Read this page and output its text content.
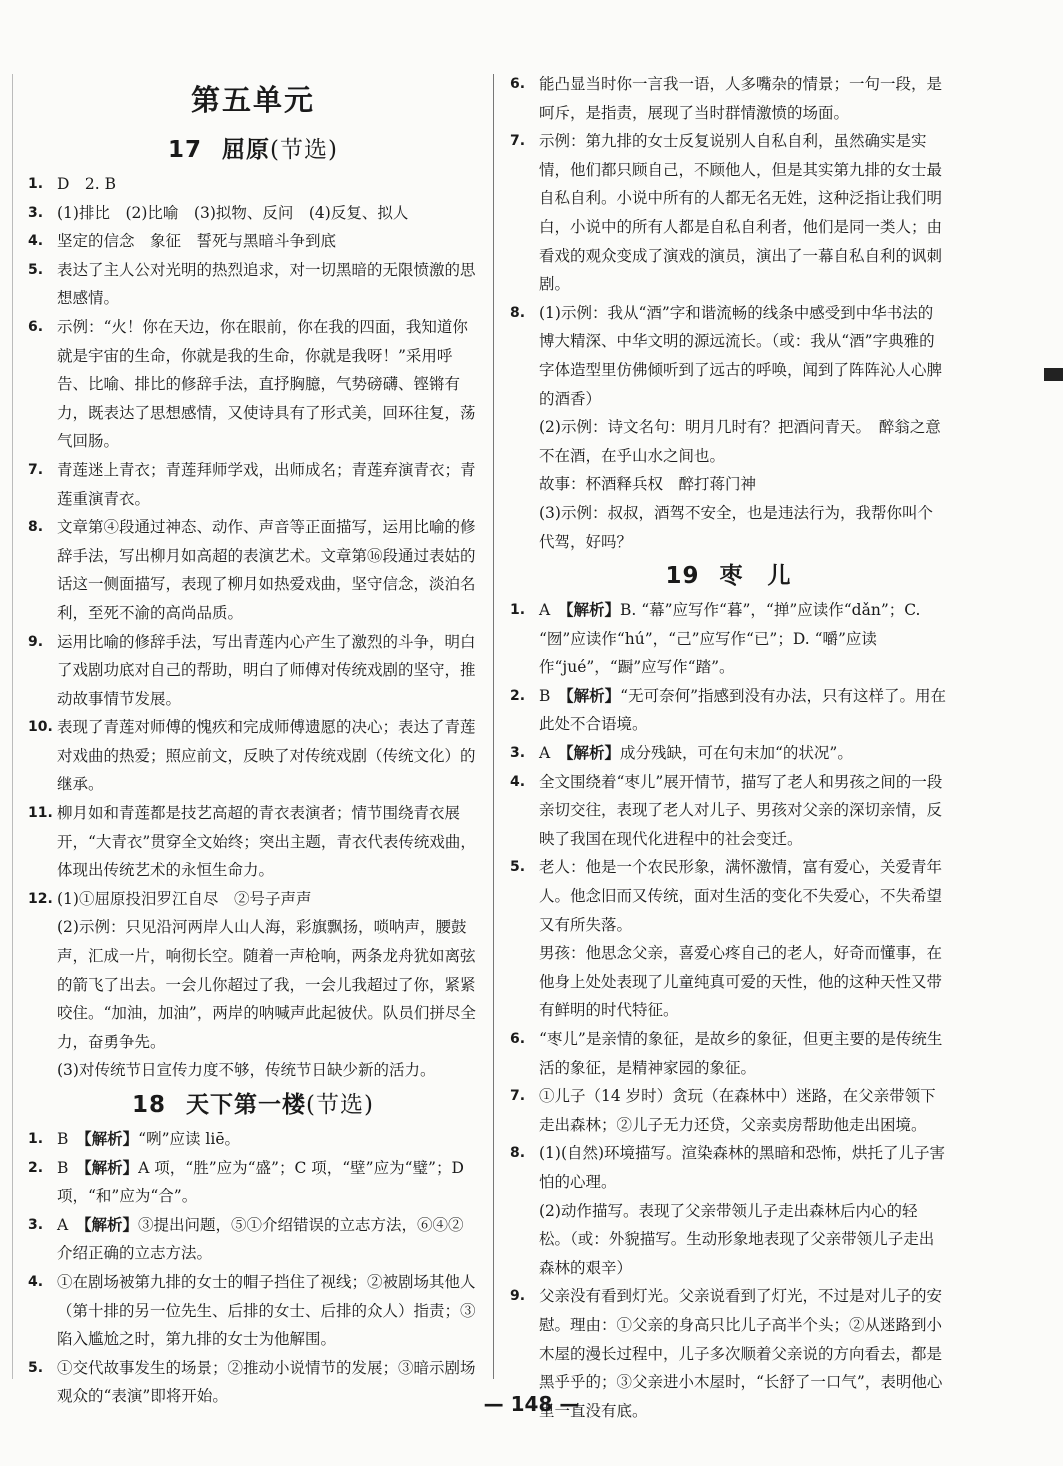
第五单元
17 屈原(节选)
1. D　2. B
3. (1)排比　(2)比喻　(3)拟物、反问　(4)反复、拟人
4. 坚定的信念　象征　誓死与黑暗斗争到底
5. 表达了主人公对光明的热烈追求，对一切黑暗的无限愤激的思想感情。
6. 示例：“火！你在天边，你在眼前，你在我的四面，我知道你就是宇宙的生命，你就是我的生命，你就是我呀！”采用呼告、比喻、排比的修辞手法，直抒胸臆，气势磅礴、铿锵有力，既表达了思想感情，又使诗具有了形式美，回环往复，荡气回肠。
7. 青莲迷上青衣；青莲拜师学戏，出师成名；青莲弃演青衣；青莲重演青衣。
8. 文章第④段通过神态、动作、声音等正面描写，运用比喻的修辞手法，写出柳月如高超的表演艺术。文章第⑯段通过表姑的话这一侧面描写，表现了柳月如热爱戏曲，坚守信念，淡泊名利，至死不渝的高尚品质。
9. 运用比喻的修辞手法，写出青莲内心产生了激烈的斗争，明白了戏剧功底对自己的帮助，明白了师傅对传统戏剧的坚守，推动故事情节发展。
10. 表现了青莲对师傅的愧疚和完成师傅遗愿的决心；表达了青莲对戏曲的热爱；照应前文，反映了对传统戏剧（传统文化）的继承。
11. 柳月如和青莲都是技艺高超的青衣表演者；情节围绕青衣展开，“大青衣”贯穿全文始终；突出主题，青衣代表传统戏曲，体现出传统艺术的永恒生命力。
12. (1)①屈原投汨罗江自尽　②号子声声
(2)示例：只见沿河两岸人山人海，彩旗飘扬，唢呐声，腰鼓声，汇成一片，响彻长空。随着一声枪响，两条龙舟犹如离弦的箭飞了出去。一会儿你超过了我，一会儿我超过了你，紧紧咬住。“加油，加油”，两岸的呐喊声此起彼伏。队员们拼尽全力，奋勇争先。
(3)对传统节日宣传力度不够，传统节日缺少新的活力。
18 天下第一楼(节选)
1. B　【解析】“咧”应读 liē。
2. B　【解析】A 项，“胜”应为“盛”；C 项，“壁”应为“璧”；D 项，“和”应为“合”。
3. A　【解析】③提出问题，⑤①介绍错误的立志方法，⑥④②介绍正确的立志方法。
4. ①在剧场被第九排的女士的帽子挡住了视线；②被剧场其他人（第十排的另一位先生、后排的女士、后排的众人）指责；③陷入尴尬之时，第九排的女士为他解围。
5. ①交代故事发生的场景；②推动小说情节的发展；③暗示剧场观众的“表演”即将开始。
6. 能凸显当时你一言我一语，人多嘴杂的情景；一句一段，是呵斥，是指责，展现了当时群情激愤的场面。
7. 示例：第九排的女士反复说别人自私自利，虽然确实是实情，他们都只顾自己，不顾他人，但是其实第九排的女士最自私自利。小说中所有的人都无名无姓，这种泛指让我们明白，小说中的所有人都是自私自利者，他们是同一类人；由看戏的观众变成了演戏的演员，演出了一幕自私自利的讽刺剧。
8. (1)示例：我从“酒”字和谐流畅的线条中感受到中华书法的博大精深、中华文明的源远流长。（或：我从“酒”字典雅的字体造型里仿佛倾听到了远古的呼唤，闻到了阵阵沁人心脾的酒香）
(2)示例：诗文名句：明月几时有？把酒问青天。　醉翁之意不在酒，在乎山水之间也。
故事：杯酒释兵权　醉打蒋门神
(3)示例：叔叔，酒驾不安全，也是违法行为，我帮你叫个代驾，好吗？
19 枣　儿
1. A　【解析】B. “幕”应写作“暮”，“掸”应读作“dǎn”；C. “囫”应读作“hú”，“己”应写作“已”；D. “嚼”应读作“jué”，“蹰”应写作“踏”。
2. B　【解析】“无可奈何”指感到没有办法，只有这样了。用在此处不合语境。
3. A　【解析】成分残缺，可在句末加“的状况”。
4. 全文围绕着“枣儿”展开情节，描写了老人和男孩之间的一段亲切交往，表现了老人对儿子、男孩对父亲的深切亲情，反映了我国在现代化进程中的社会变迁。
5. 老人：他是一个农民形象，满怀激情，富有爱心，关爱青年人。他念旧而又传统，面对生活的变化不失爱心，不失希望又有所失落。
男孩：他思念父亲，喜爱心疼自己的老人，好奇而懂事，在他身上处处表现了儿童纯真可爱的天性，他的这种天性又带有鲜明的时代特征。
6. “枣儿”是亲情的象征，是故乡的象征，但更主要的是传统生活的象征，是精神家园的象征。
7. ①儿子（14 岁时）贪玩（在森林中）迷路，在父亲带领下走出森林；②儿子无力还贷，父亲卖房帮助他走出困境。
8. (1)(自然)环境描写。渲染森林的黑暗和恐怖，烘托了儿子害怕的心理。
(2)动作描写。表现了父亲带领儿子走出森林后内心的轻松。（或：外貌描写。生动形象地表现了父亲带领儿子走出森林的艰辛）
9. 父亲没有看到灯光。父亲说看到了灯光，不过是对儿子的安慰。理由：①父亲的身高只比儿子高半个头；②从迷路到小木屋的漫长过程中，儿子多次顺着父亲说的方向看去，都是黑乎乎的；③父亲进小木屋时，“长舒了一口气”，表明他心里一直没有底。
— 148 —
